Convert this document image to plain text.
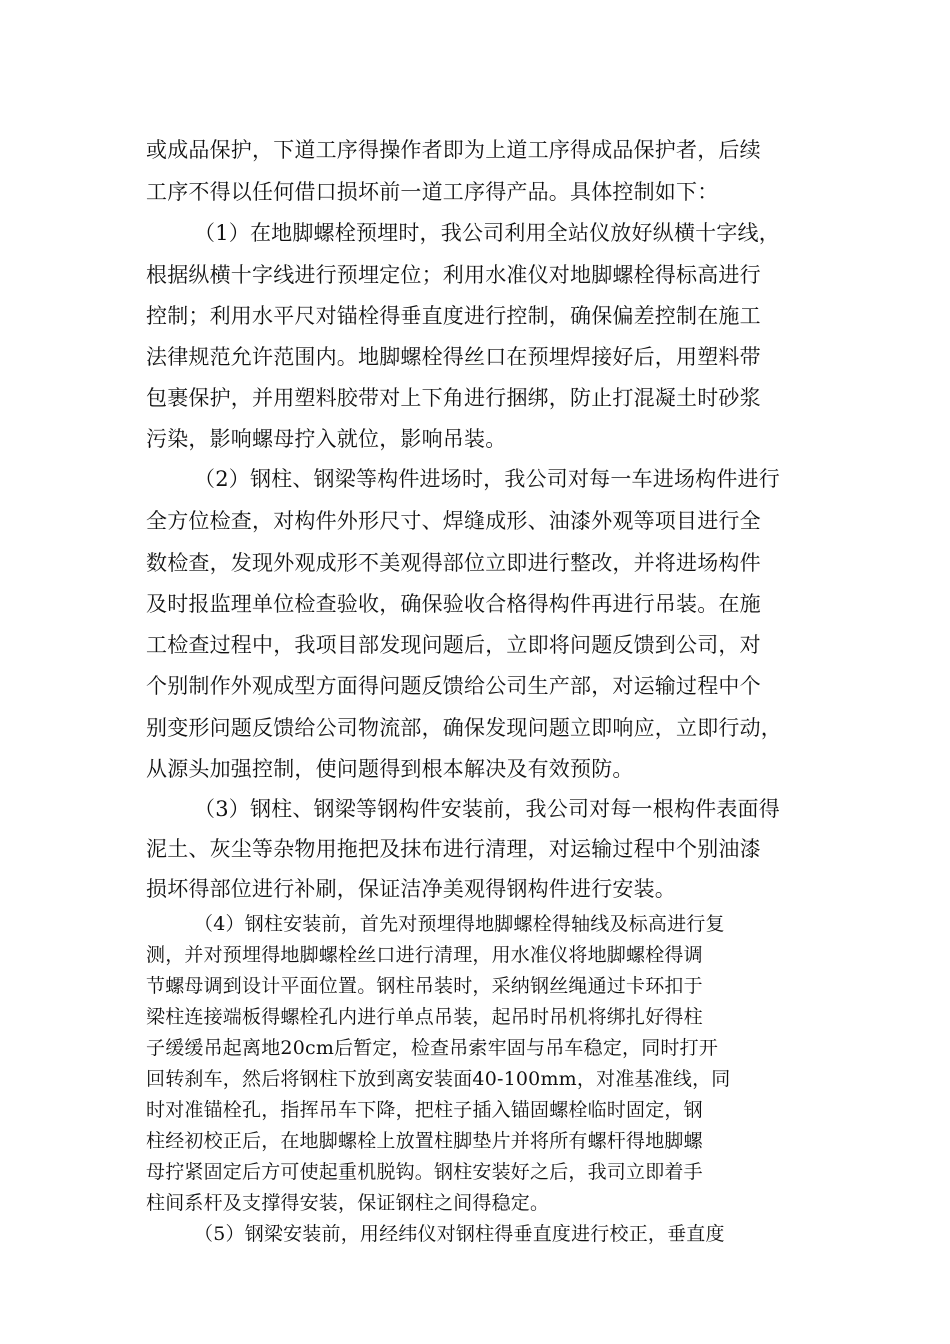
或成品保护，下道工序得操作者即为上道工序得成品保护者，后续
工序不得以任何借口损坏前一道工序得产品。具体控制如下：
（1）在地脚螺栓预埋时，我公司利用全站仪放好纵横十字线，
根据纵横十字线进行预埋定位；利用水准仪对地脚螺栓得标高进行
控制；利用水平尺对锚栓得垂直度进行控制，确保偏差控制在施工
法律规范允许范围内。地脚螺栓得丝口在预埋焊接好后，用塑料带
包裹保护，并用塑料胶带对上下角进行捆绑，防止打混凝土时砂浆
污染，影响螺母拧入就位，影响吊装。
（2）钢柱、钢梁等构件进场时，我公司对每一车进场构件进行
全方位检查，对构件外形尺寸、焊缝成形、油漆外观等项目进行全
数检查，发现外观成形不美观得部位立即进行整改，并将进场构件
及时报监理单位检查验收，确保验收合格得构件再进行吊装。在施
工检查过程中，我项目部发现问题后，立即将问题反馈到公司，对
个别制作外观成型方面得问题反馈给公司生产部，对运输过程中个
别变形问题反馈给公司物流部，确保发现问题立即响应，立即行动，
从源头加强控制，使问题得到根本解决及有效预防。
（3）钢柱、钢梁等钢构件安装前，我公司对每一根构件表面得
泥土、灰尘等杂物用拖把及抹布进行清理，对运输过程中个别油漆
损坏得部位进行补刷，保证洁净美观得钢构件进行安装。
（4）钢柱安装前，首先对预埋得地脚螺栓得轴线及标高进行复
测，并对预埋得地脚螺栓丝口进行清理，用水准仪将地脚螺栓得调
节螺母调到设计平面位置。钢柱吊装时，采纳钢丝绳通过卡环扣于
梁柱连接端板得螺栓孔内进行单点吊装，起吊时吊机将绑扎好得柱
子缓缓吊起离地20cm后暂定，检查吊索牢固与吊车稳定，同时打开
回转刹车，然后将钢柱下放到离安装面40-100mm，对准基准线，同
时对准锚栓孔，指挥吊车下降，把柱子插入锚固螺栓临时固定，钢
柱经初校正后，在地脚螺栓上放置柱脚垫片并将所有螺杆得地脚螺
母拧紧固定后方可使起重机脱钩。钢柱安装好之后，我司立即着手
柱间系杆及支撑得安装，保证钢柱之间得稳定。
（5）钢梁安装前，用经纬仪对钢柱得垂直度进行校正，垂直度
